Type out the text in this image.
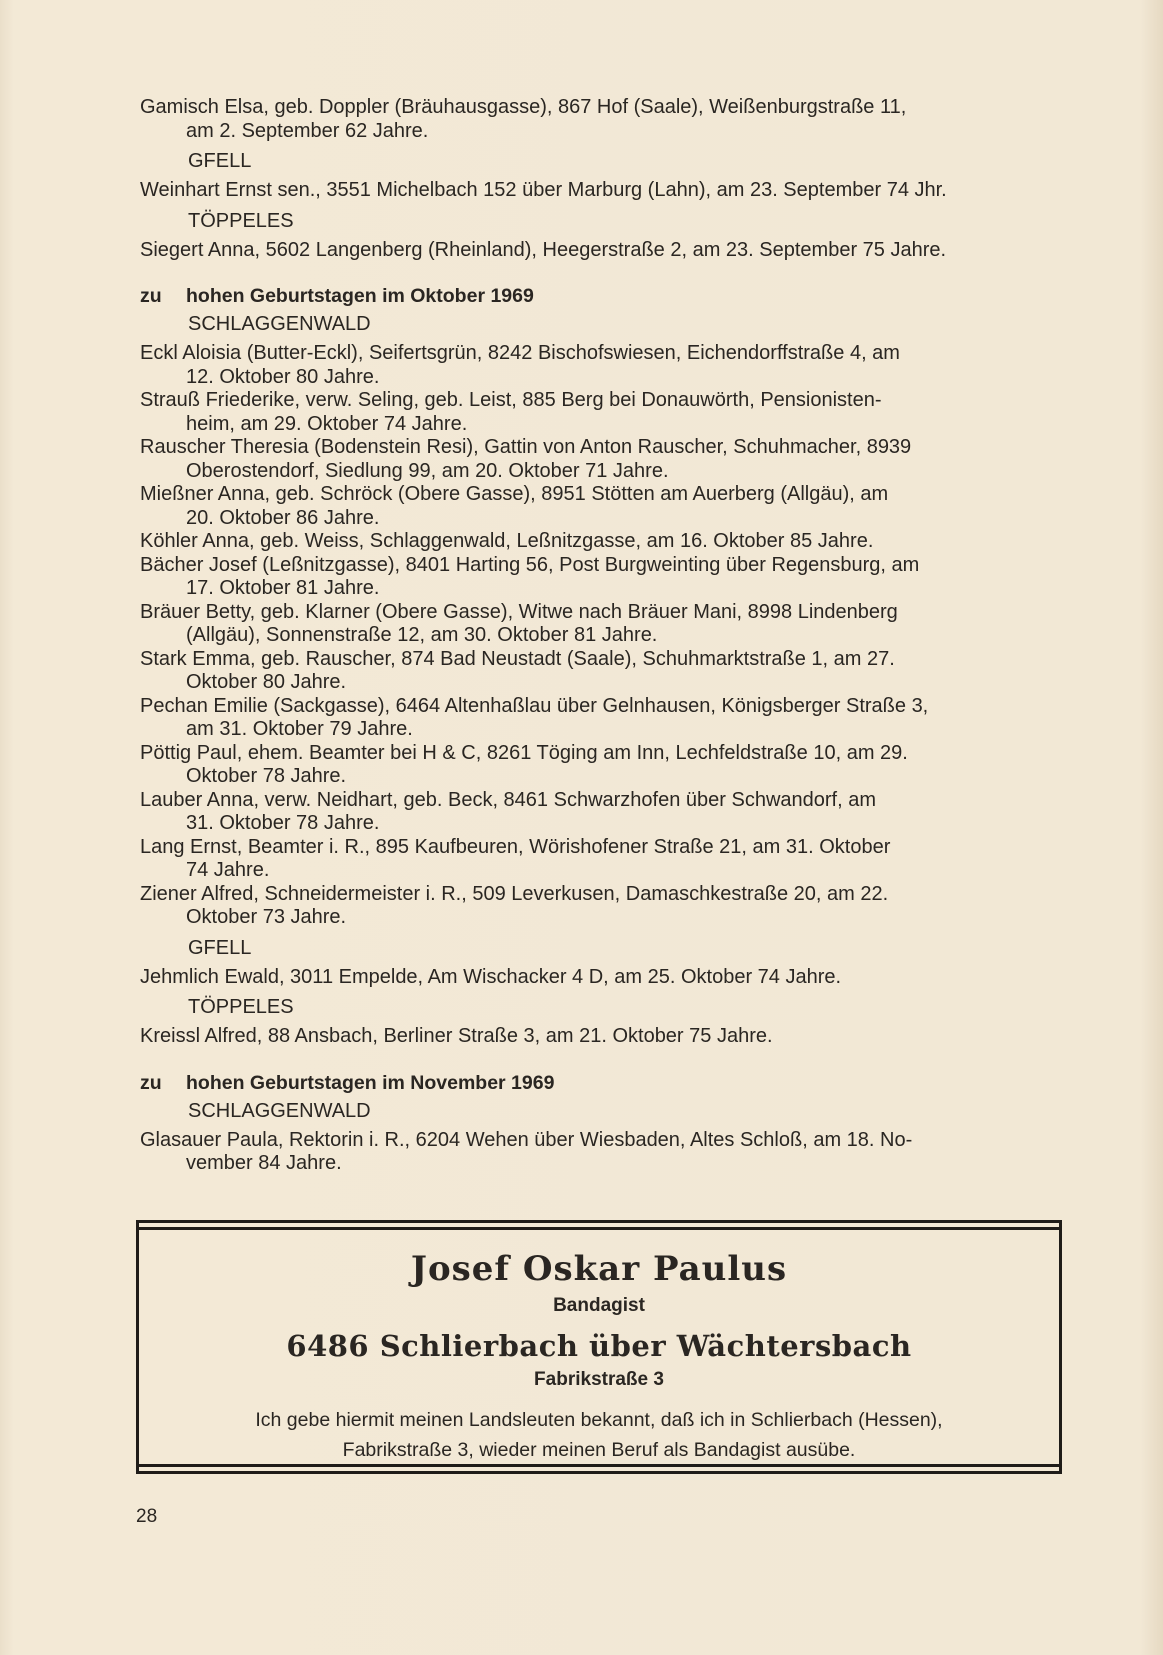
Gamisch Elsa, geb. Doppler (Bräuhausgasse), 867 Hof (Saale), Weißenburgstraße 11,
am 2. September 62 Jahre.

GFELL

Weinhart Ernst sen., 3551 Michelbach 152 über Marburg (Lahn), am 23. September 74 Jhr.

TÖPPELES

Siegert Anna, 5602 Langenberg (Rheinland), Heegerstraße 2, am 23. September 75 Jahre.

zu hohen Geburtstagen im Oktober 1969
SCHLAGGENWALD

Eckl Aloisia (Butter-Eckl), Seifertsgrün, 8242 Bischofswiesen, Eichendorffstraße 4, am
12. Oktober 80 Jahre.

Strauß Friederike, verw. Seling, geb. Leist, 885 Berg bei Donauwörth, Pensionisten-
heim, am 29. Oktober 74 Jahre.

Rauscher Theresia (Bodenstein Resi), Gattin von Anton Rauscher, Schuhmacher, 8939
Oberostendorf, Siedlung 99, am 20. Oktober 71 Jahre.

Mießner Anna, geb. Schröck (Obere Gasse), 8951 Stötten am Auerberg (Allgäu), am
20. Oktober 86 Jahre.

Köhler Anna, geb. Weiss, Schlaggenwald, Leßnitzgasse, am 16. Oktober 85 Jahre.

Bächer Josef (Leßnitzgasse), 8401 Harting 56, Post Burgweinting über Regensburg, am
17. Oktober 81 Jahre.

Bräuer Betty, geb. Klarner (Obere Gasse), Witwe nach Bräuer Mani, 8998 Lindenberg
(Allgäu), Sonnenstraße 12, am 30. Oktober 81 Jahre.

Stark Emma, geb. Rauscher, 874 Bad Neustadt (Saale), Schuhmarktstraße 1, am 27.
Oktober 80 Jahre.

Pechan Emilie (Sackgasse), 6464 Altenhaßlau über Gelnhausen, Königsberger Straße 3,
am 31. Oktober 79 Jahre.

Pöttig Paul, ehem. Beamter bei H & C, 8261 Töging am Inn, Lechfeldstraße 10, am 29.
Oktober 78 Jahre.

Lauber Anna, verw. Neidhart, geb. Beck, 8461 Schwarzhofen über Schwandorf, am
31. Oktober 78 Jahre.

Lang Ernst, Beamter i. R., 895 Kaufbeuren, Wörishofener Straße 21, am 31. Oktober
74 Jahre.

Ziener Alfred, Schneidermeister i. R., 509 Leverkusen, Damaschkestraße 20, am 22.
Oktober 73 Jahre.

GFELL

Jehmlich Ewald, 3011 Empelde, Am Wischacker 4 D, am 25. Oktober 74 Jahre.

TÖPPELES

Kreissl Alfred, 88 Ansbach, Berliner Straße 3, am 21. Oktober 75 Jahre.

zu hohen Geburtstagen im November 1969
SCHLAGGENWALD

Glasauer Paula, Rektorin i. R., 6204 Wehen über Wiesbaden, Altes Schloß, am 18. No-
vember 84 Jahre.

Josef Oskar Paulus
Bandagist
6486 Schlierbach über Wächtersbach
Fabrikstraße 3
Ich gebe hiermit meinen Landsleuten bekannt, daß ich in Schlierbach (Hessen),
Fabrikstraße 3, wieder meinen Beruf als Bandagist ausübe.
28
